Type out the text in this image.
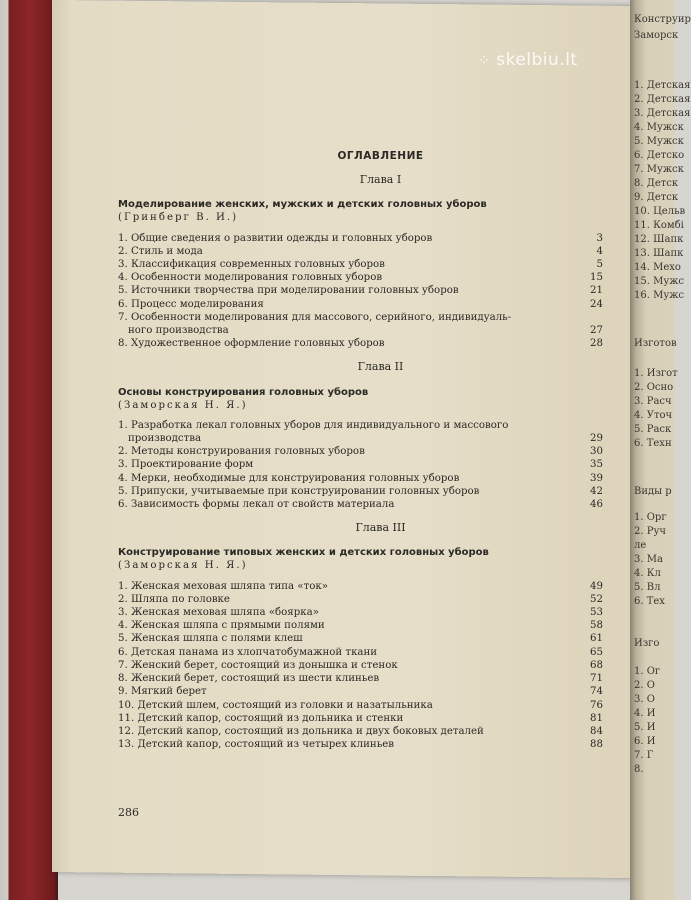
Конструир
Заморск
1. Детская
2. Детская
3. Детская
4. Мужск
5. Мужск
6. Детско
7. Мужск
8. Детск
9. Детск
10. Цельв
11. Комбі
12. Шапк
13. Шапк
14. Мехо
15. Мужс
16. Мужс
Изготов
1. Изгот
2. Осно
3. Расч
4. Уточ
5. Раск
6. Техн
Виды р
1. Орг
2. Руч
ле
3. Ма
4. Кл
5. Вл
6. Тех
Изго
1. Ог
2. О
3. О
4. И
5. И
6. И
7. Г
8.
⁘ skelbiu.lt
ОГЛАВЛЕНИЕ
Глава I
Моделирование женских, мужских и детских головных уборов
(Гринберг В. И.)
1. Общие сведения о развитии одежды и головных уборов	3
2. Стиль и мода	4
3. Классификация современных головных уборов	5
4. Особенности моделирования головных уборов	15
5. Источники творчества при моделировании головных уборов	21
6. Процесс моделирования	24
7. Особенности моделирования для массового, серийного, индивидуаль-
ного производства	27
8. Художественное оформление головных уборов	28
Глава II
Основы конструирования головных уборов
(Заморская Н. Я.)
1. Разработка лекал головных уборов для индивидуального и массового
производства	29
2. Методы конструирования головных уборов	30
3. Проектирование форм	35
4. Мерки, необходимые для конструирования головных уборов	39
5. Припуски, учитываемые при конструировании головных уборов	42
6. Зависимость формы лекал от свойств материала	46
Глава III
Конструирование типовых женских и детских головных уборов
(Заморская Н. Я.)
1. Женская меховая шляпа типа «ток»	49
2. Шляпа по головке	52
3. Женская меховая шляпа «боярка»	53
4. Женская шляпа с прямыми полями	58
5. Женская шляпа с полями клеш	61
6. Детская панама из хлопчатобумажной ткани	65
7. Женский берет, состоящий из донышка и стенок	68
8. Женский берет, состоящий из шести клиньев	71
9. Мягкий берет	74
10. Детский шлем, состоящий из головки и назатыльника	76
11. Детский капор, состоящий из дольника и стенки	81
12. Детский капор, состоящий из дольника и двух боковых деталей	84
13. Детский капор, состоящий из четырех клиньев	88
286
